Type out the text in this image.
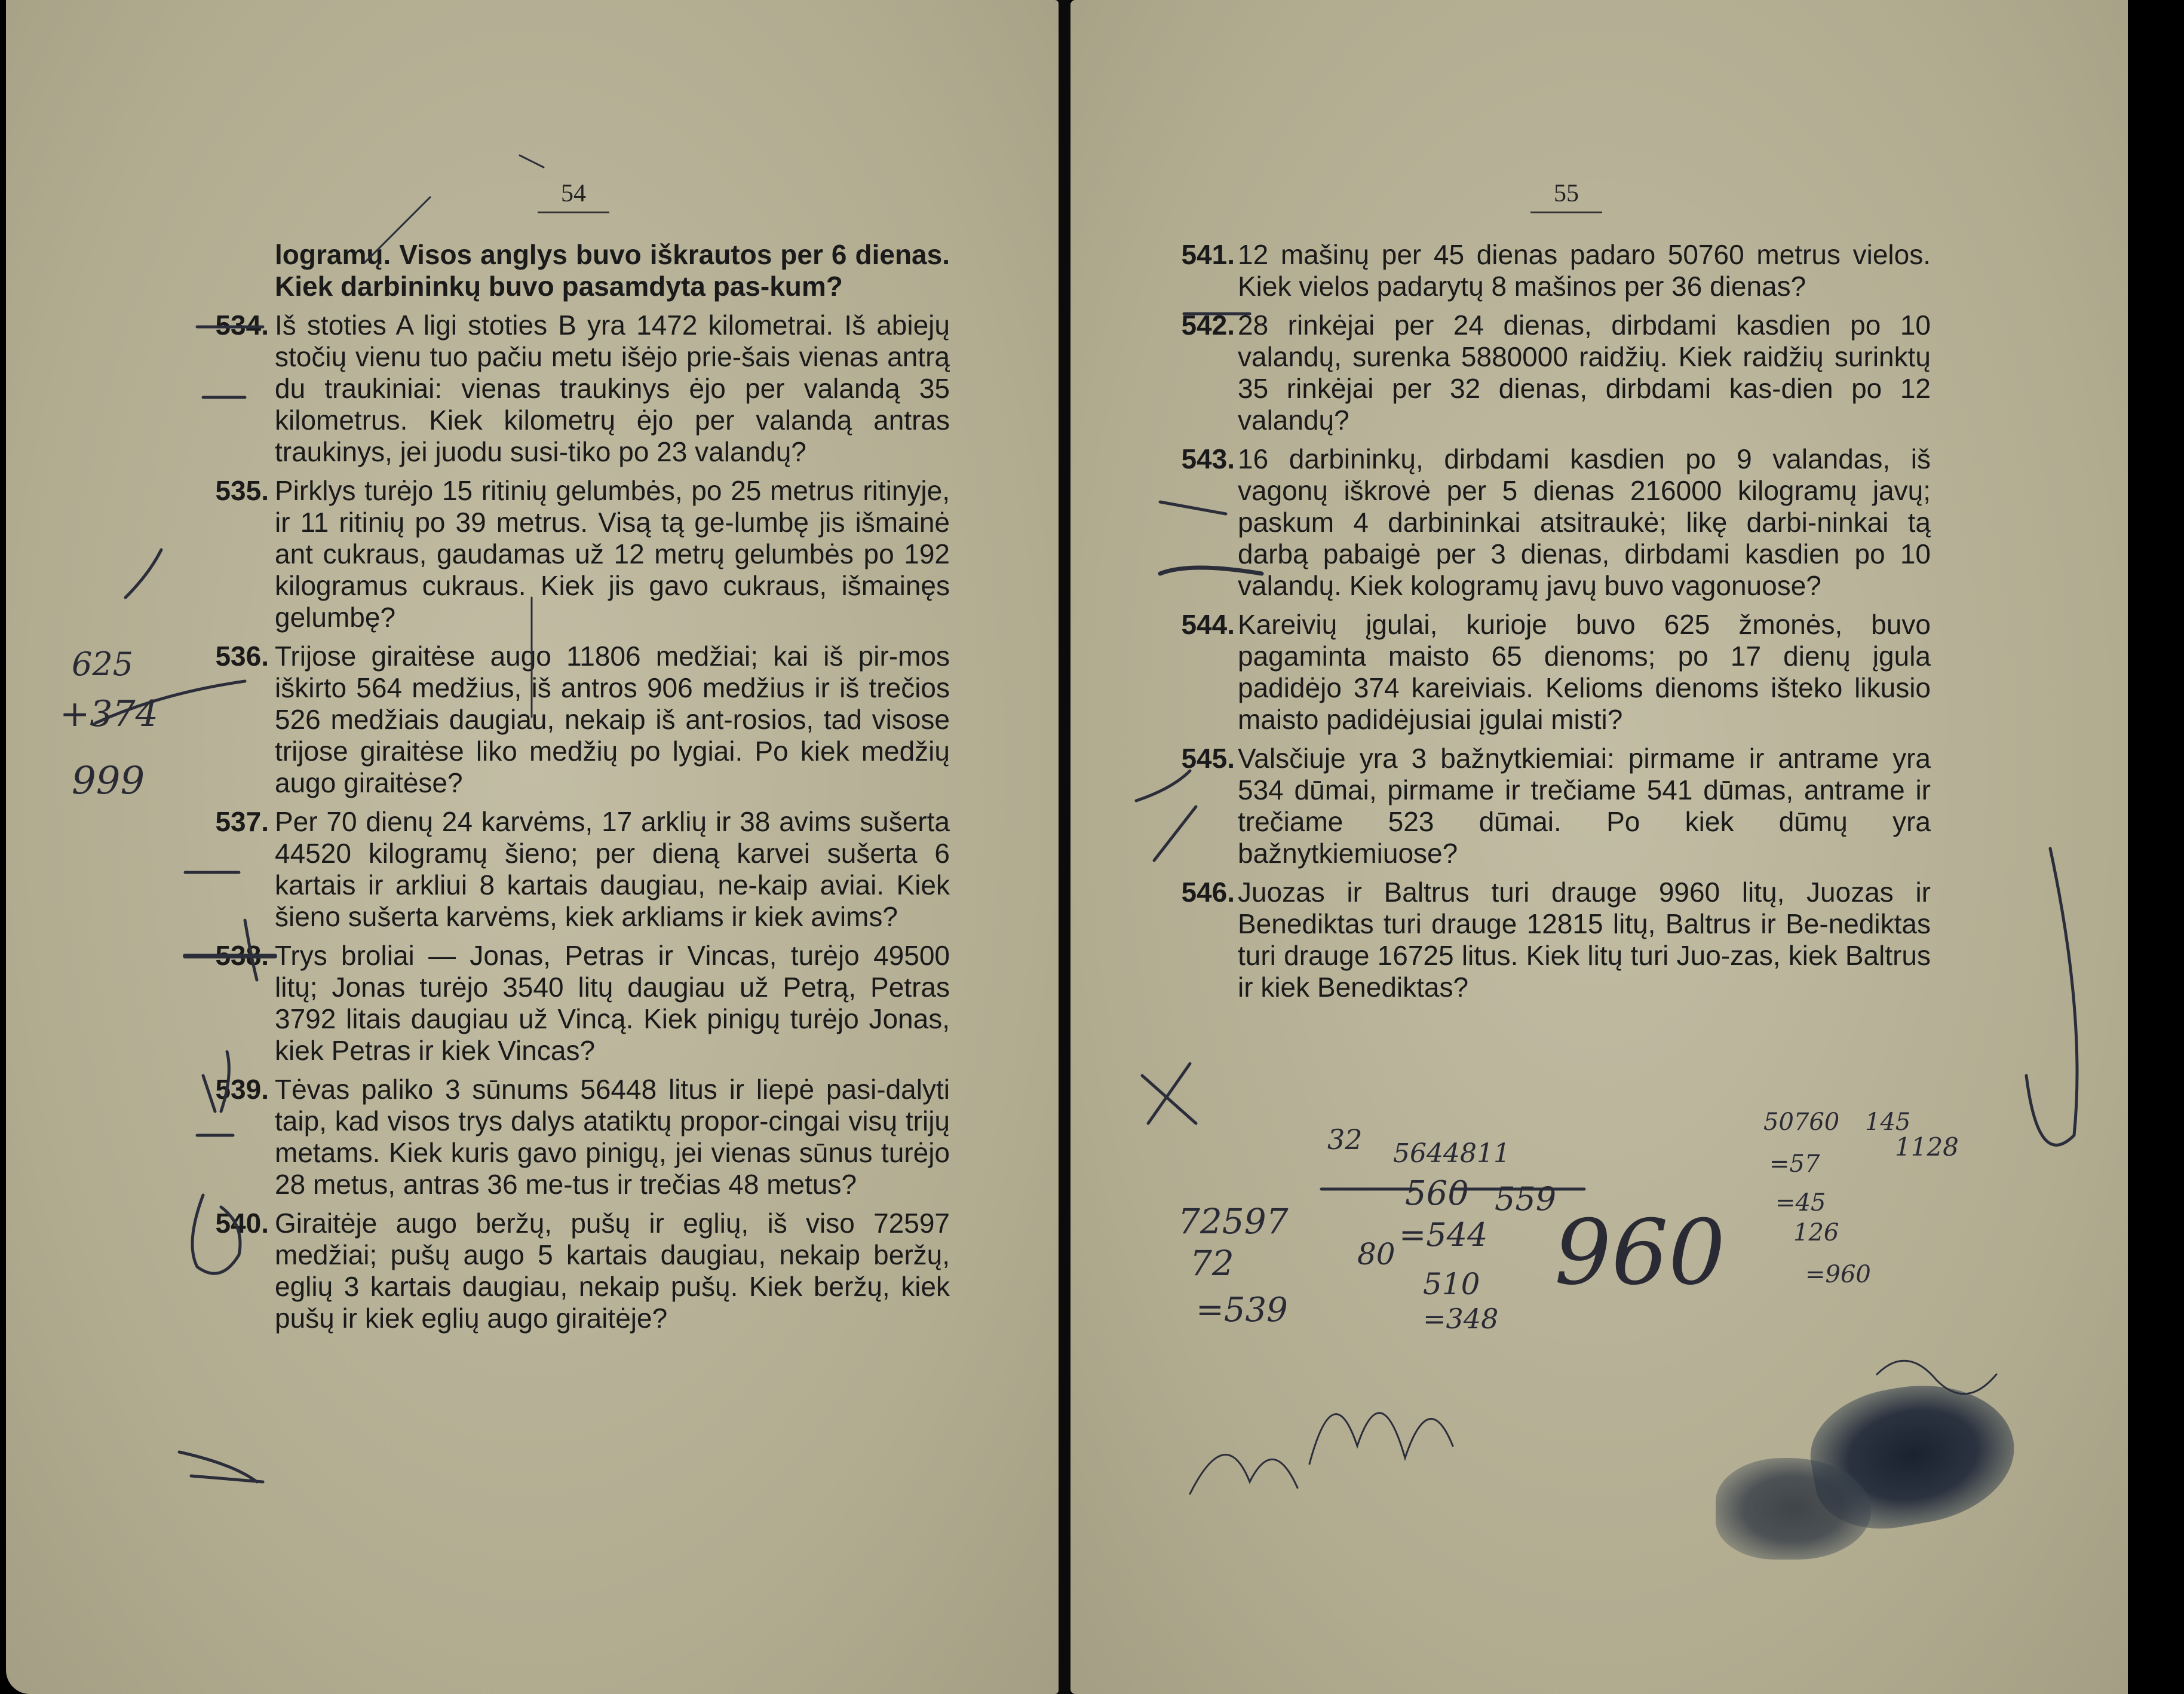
54

logramų. Visos anglys buvo iškrautos per 6 dienas. Kiek darbininkų buvo pasamdyta pas-kum?

534. Iš stoties A ligi stoties B yra 1472 kilometrai. Iš abiejų stočių vienu tuo pačiu metu išėjo prie-šais vienas antrą du traukiniai: vienas traukinys ėjo per valandą 35 kilometrus. Kiek kilometrų ėjo per valandą antras traukinys, jei juodu susi-tiko po 23 valandų?
535. Pirklys turėjo 15 ritinių gelumbės, po 25 metrus ritinyje, ir 11 ritinių po 39 metrus. Visą tą ge-lumbę jis išmainė ant cukraus, gaudamas už 12 metrų gelumbės po 192 kilogramus cukraus. Kiek jis gavo cukraus, išmainęs gelumbę?
536. Trijose giraitėse augo 11806 medžiai; kai iš pir-mos iškirto 564 medžius, iš antros 906 medžius ir iš trečios 526 medžiais daugiau, nekaip iš ant-rosios, tad visose trijose giraitėse liko medžių po lygiai. Po kiek medžių augo giraitėse?
537. Per 70 dienų 24 karvėms, 17 arklių ir 38 avims sušerta 44520 kilogramų šieno; per dieną karvei sušerta 6 kartais ir arkliui 8 kartais daugiau, ne-kaip aviai. Kiek šieno sušerta karvėms, kiek arkliams ir kiek avims?
538. Trys broliai — Jonas, Petras ir Vincas, turėjo 49500 litų; Jonas turėjo 3540 litų daugiau už Petrą, Petras 3792 litais daugiau už Vincą. Kiek pinigų turėjo Jonas, kiek Petras ir kiek Vincas?
539. Tėvas paliko 3 sūnums 56448 litus ir liepė pasi-dalyti taip, kad visos trys dalys atatiktų propor-cingai visų trijų metams. Kiek kuris gavo pinigų, jei vienas sūnus turėjo 28 metus, antras 36 me-tus ir trečias 48 metus?
540. Giraitėje augo beržų, pušų ir eglių, iš viso 72597 medžiai; pušų augo 5 kartais daugiau, nekaip beržų, eglių 3 kartais daugiau, nekaip pušų. Kiek beržų, kiek pušų ir kiek eglių augo giraitėje?
625
+374
999
55
541. 12 mašinų per 45 dienas padaro 50760 metrus vielos. Kiek vielos padarytų 8 mašinos per 36 dienas?
542. 28 rinkėjai per 24 dienas, dirbdami kasdien po 10 valandų, surenka 5880000 raidžių. Kiek raidžių surinktų 35 rinkėjai per 32 dienas, dirbdami kas-dien po 12 valandų?
543. 16 darbininkų, dirbdami kasdien po 9 valandas, iš vagonų iškrovė per 5 dienas 216000 kilogramų javų; paskum 4 darbininkai atsitraukė; likę darbi-ninkai tą darbą pabaigė per 3 dienas, dirbdami kasdien po 10 valandų. Kiek kologramų javų buvo vagonuose?
544. Kareivių įgulai, kurioje buvo 625 žmonės, buvo pagaminta maisto 65 dienoms; po 17 dienų įgula padidėjo 374 kareiviais. Kelioms dienoms išteko likusio maisto padidėjusiai įgulai misti?
545. Valsčiuje yra 3 bažnytkiemiai: pirmame ir antrame yra 534 dūmai, pirmame ir trečiame 541 dūmas, antrame ir trečiame 523 dūmai. Po kiek dūmų yra bažnytkiemiuose?
546. Juozas ir Baltrus turi drauge 9960 litų, Juozas ir Benediktas turi drauge 12815 litų, Baltrus ir Be-nediktas turi drauge 16725 litus. Kiek litų turi Juo-zas, kiek Baltrus ir kiek Benediktas?
32 5644811
72597
72
=539
560
=544
80
510
=348
559
960
50760 145
1128
=57
=45
126
=960
